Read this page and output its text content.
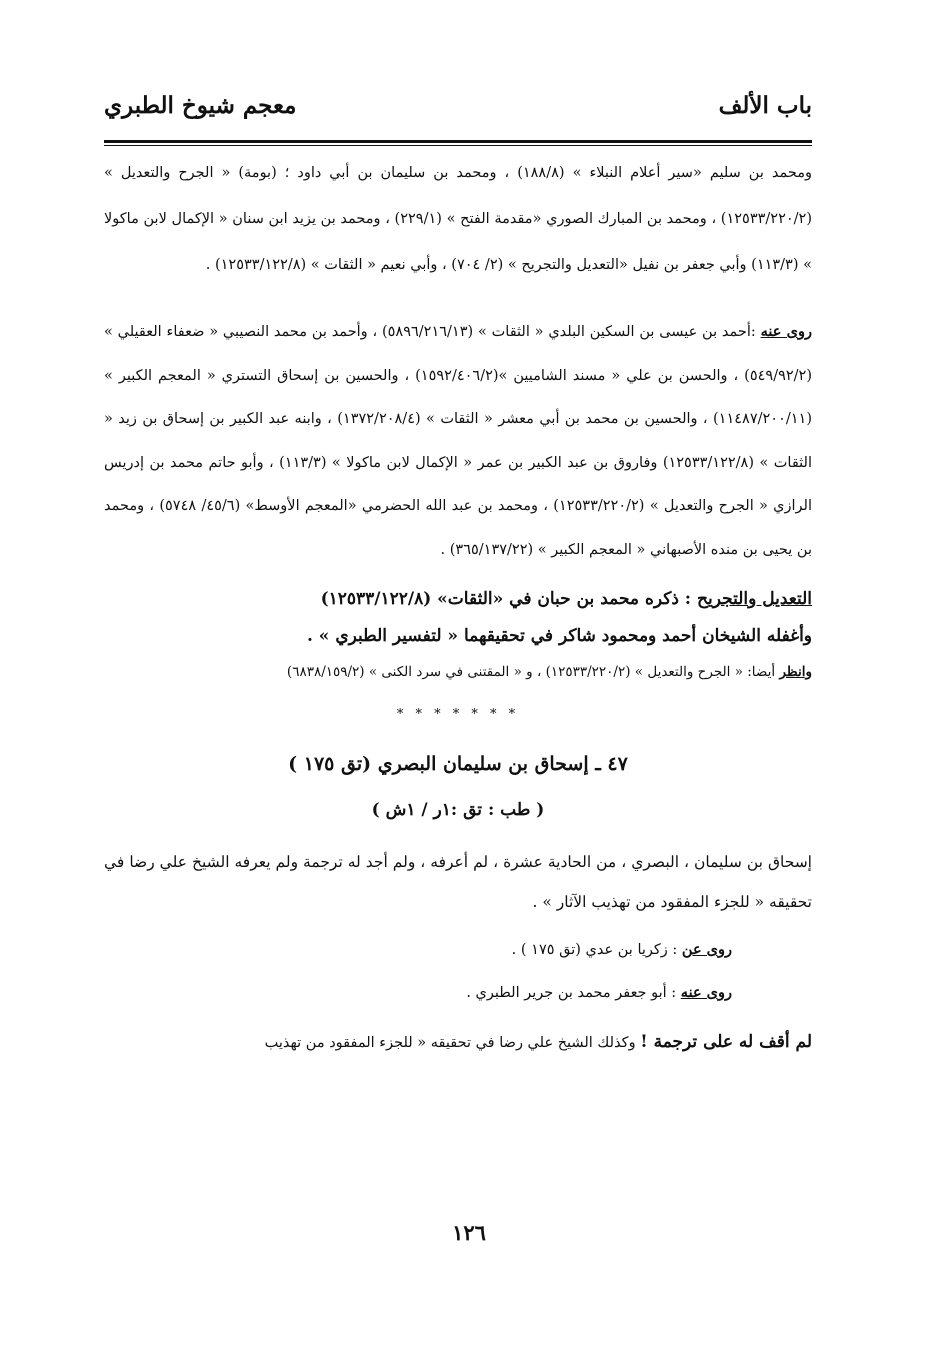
باب الألف
معجم شيوخ الطبري

ومحمد بن سليم «سير أعلام النبلاء » (١٨٨/٨) ، ومحمد بن سليمان بن أبي داود ؛ (بومة) « الجرح والتعديل » (١٢٥٣٣/٢٢٠/٢) ، ومحمد بن المبارك الصوري «مقدمة الفتح » (٢٢٩/١) ، ومحمد بن يزيد ابن سنان « الإكمال لابن ماكولا » (١١٣/٣) وأبي جعفر بن نفيل «التعديل والتجريح » (٢/ ٧٠٤) ، وأبي نعيم « الثقات » (١٢٥٣٣/١٢٢/٨) .

روى عنه :أحمد بن عيسى بن السكين البلدي « الثقات » (٥٨٩٦/٢١٦/١٣) ، وأحمد بن محمد النصيبي « ضعفاء العقيلي » (٥٤٩/٩٢/٢) ، والحسن بن علي « مسند الشاميين »(١٥٩٢/٤٠٦/٢) ، والحسين بن إسحاق التستري « المعجم الكبير » (١١٤٨٧/٢٠٠/١١) ، والحسين بن محمد بن أبي معشر « الثقات » (١٣٧٢/٢٠٨/٤) ، وابنه عبد الكبير بن إسحاق بن زيد « الثقات » (١٢٥٣٣/١٢٢/٨) وفاروق بن عبد الكبير بن عمر « الإكمال لابن ماكولا » (١١٣/٣) ، وأبو حاتم محمد بن إدريس الرازي « الجرح والتعديل » (١٢٥٣٣/٢٢٠/٢) ، ومحمد بن عبد الله الحضرمي «المعجم الأوسط» (٤٥/٦/ ٥٧٤٨) ، ومحمد بن يحيى بن منده الأصبهاني « المعجم الكبير » (٣٦٥/١٣٧/٢٢) .

التعديل والتجريح : ذكره محمد بن حبان في «الثقات» (١٢٥٣٣/١٢٢/٨)

وأغفله الشيخان أحمد ومحمود شاكر في تحقيقهما « لتفسير الطبري » .

وانظر أيضا: « الجرح والتعديل » (١٢٥٣٣/٢٢٠/٢) ، و « المقتنى في سرد الكنى » (٦٨٣٨/١٥٩/٢)

* * * * * * *

٤٧ ـ إسحاق بن سليمان البصري (تق ١٧٥ )

( طب : تق :١ر / ١ش )

إسحاق بن سليمان ، البصري ، من الحادية عشرة ، لم أعرفه ، ولم أجد له ترجمة ولم يعرفه الشيخ علي رضا في تحقيقه « للجزء المفقود من تهذيب الآثار » .

روى عن : زكريا بن عدي (تق ١٧٥ ) .

روى عنه : أبو جعفر محمد بن جرير الطبري .

لم أقف له على ترجمة ! وكذلك الشيخ علي رضا في تحقيقه « للجزء المفقود من تهذيب

١٢٦
